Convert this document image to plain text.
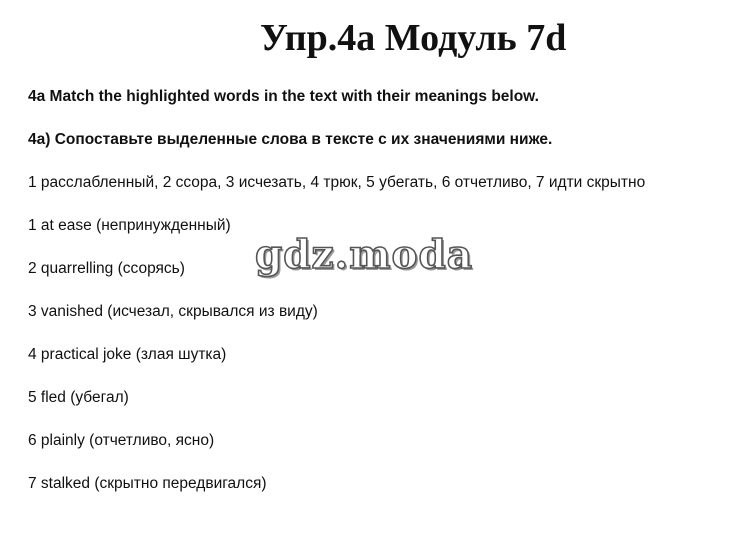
Упр.4а Модуль 7d
4a Match the highlighted words in the text with their meanings below.
4а) Сопоставьте выделенные слова в тексте с их значениями ниже.
1 расслабленный, 2 ссора, 3 исчезать, 4 трюк, 5 убегать, 6 отчетливо, 7 идти скрытно
1 at ease (непринужденный)
2 quarrelling (ссорясь)
3 vanished (исчезал, скрывался из виду)
4 practical joke (злая шутка)
5 fled (убегал)
6 plainly (отчетливо, ясно)
7 stalked (скрытно передвигался)
gdz.moda
